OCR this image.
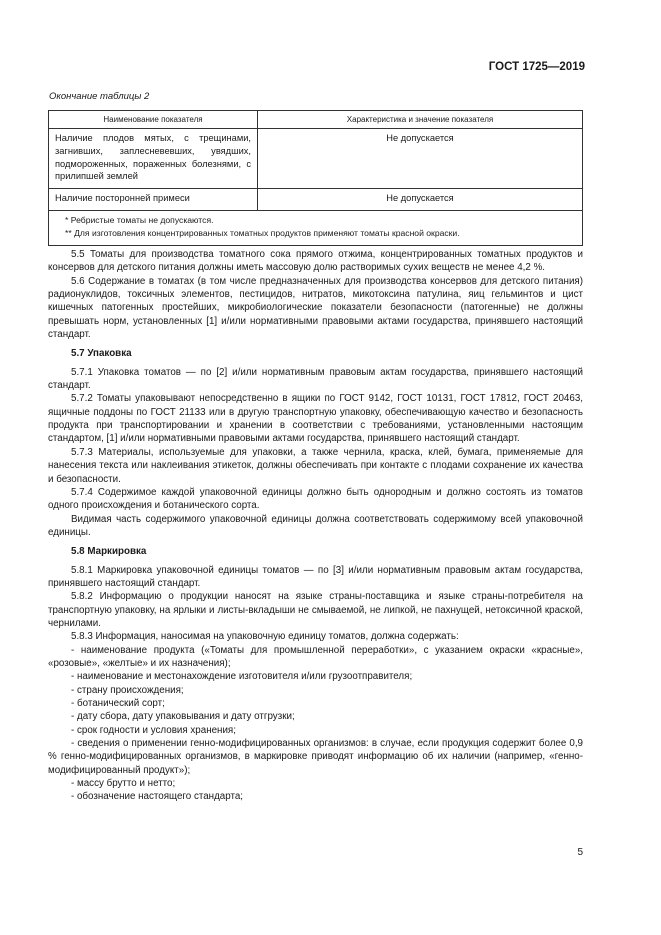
ГОСТ 1725—2019
Окончание таблицы 2
Наименование показателя	Характеристика и значение показателя
Наличие плодов мятых, с трещинами, загнивших, заплесневевших, увядших, подмороженных, пораженных болезнями, с прилипшей землей	Не допускается
Наличие посторонней примеси	Не допускается

* Ребристые томаты не допускаются.
** Для изготовления концентрированных томатных продуктов применяют томаты красной окраски.	

5.5 Томаты для производства томатного сока прямого отжима, концентрированных томатных продуктов и консервов для детского питания должны иметь массовую долю растворимых сухих веществ не менее 4,2 %.

5.6 Содержание в томатах (в том числе предназначенных для производства консервов для детского питания) радионуклидов, токсичных элементов, пестицидов, нитратов, микотоксина патулина, яиц гельминтов и цист кишечных патогенных простейших, микробиологические показатели безопасности (патогенные) не должны превышать норм, установленных [1] и/или нормативными правовыми актами государства, принявшего настоящий стандарт.

5.7 Упаковка

5.7.1 Упаковка томатов — по [2] и/или нормативным правовым актам государства, принявшего настоящий стандарт.

5.7.2 Томаты упаковывают непосредственно в ящики по ГОСТ 9142, ГОСТ 10131, ГОСТ 17812, ГОСТ 20463, ящичные поддоны по ГОСТ 21133 или в другую транспортную упаковку, обеспечивающую качество и безопасность продукта при транспортировании и хранении в соответствии с требованиями, установленными настоящим стандартом, [1] и/или нормативными правовыми актами государства, принявшего настоящий стандарт.

5.7.3 Материалы, используемые для упаковки, а также чернила, краска, клей, бумага, применяемые для нанесения текста или наклеивания этикеток, должны обеспечивать при контакте с плодами сохранение их качества и безопасности.

5.7.4 Содержимое каждой упаковочной единицы должно быть однородным и должно состоять из томатов одного происхождения и ботанического сорта.

Видимая часть содержимого упаковочной единицы должна соответствовать содержимому всей упаковочной единицы.

5.8 Маркировка

5.8.1 Маркировка упаковочной единицы томатов — по [3] и/или нормативным правовым актам государства, принявшего настоящий стандарт.

5.8.2 Информацию о продукции наносят на языке страны-поставщика и языке страны-потребителя на транспортную упаковку, на ярлыки и листы-вкладыши не смываемой, не липкой, не пахнущей, нетоксичной краской, чернилами.

5.8.3 Информация, наносимая на упаковочную единицу томатов, должна содержать:

- наименование продукта («Томаты для промышленной переработки», с указанием окраски «красные», «розовые», «желтые» и их назначения);

- наименование и местонахождение изготовителя и/или грузоотправителя;

- страну происхождения;

- ботанический сорт;

- дату сбора, дату упаковывания и дату отгрузки;

- срок годности и условия хранения;

- сведения о применении генно-модифицированных организмов: в случае, если продукция содержит более 0,9 % генно-модифицированных организмов, в маркировке приводят информацию об их наличии (например, «генно-модифицированный продукт»);

- массу брутто и нетто;

- обозначение настоящего стандарта;

5
